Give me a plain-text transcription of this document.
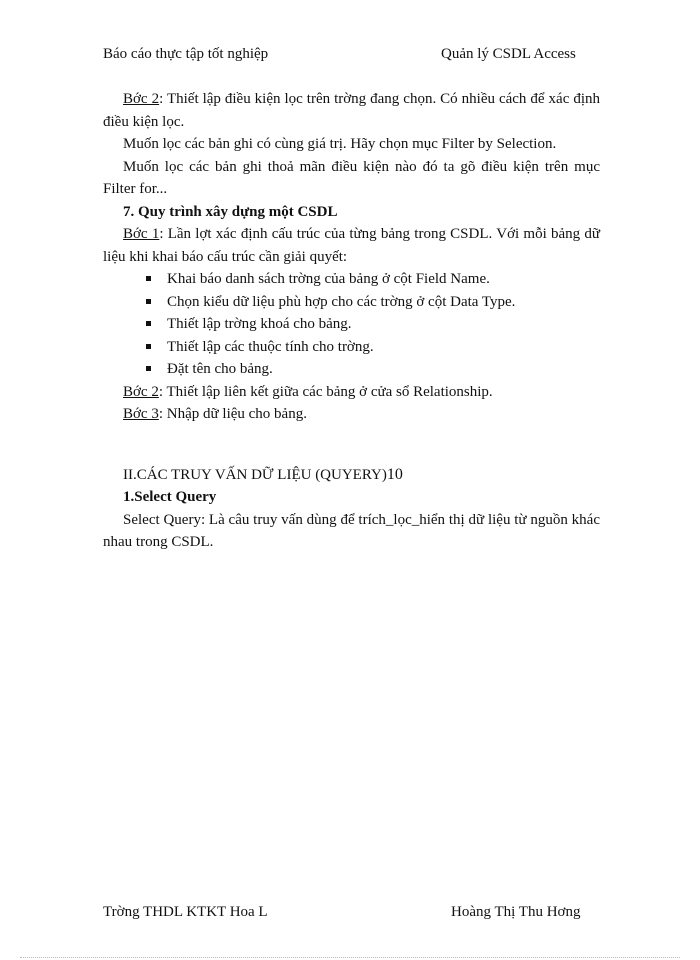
Báo cáo thực tập tốt nghiệp	Quản lý CSDL Access

Bớc 2: Thiết lập điều kiện lọc trên trờng đang chọn. Có nhiều cách để xác định điều kiện lọc.

Muốn lọc các bản ghi có cùng giá trị. Hãy chọn mục Filter by Selection.

Muốn lọc các bản ghi thoả mãn điều kiện nào đó ta gõ điều kiện trên mục Filter for...

7. Quy trình xây dựng một CSDL

Bớc 1: Lần lợt xác định cấu trúc của từng bảng trong CSDL. Với mỗi bảng dữ liệu khi khai báo cấu trúc cần giải quyết:

Khai báo danh sách trờng của bảng ở cột Field Name.
Chọn kiểu dữ liệu phù hợp cho các trờng ở cột Data Type.
Thiết lập trờng khoá cho bảng.
Thiết lập các thuộc tính cho trờng.
Đặt tên cho bảng.

Bớc 2: Thiết lập liên kết giữa các bảng ở cửa sổ Relationship.

Bớc 3: Nhập dữ liệu cho bảng.

II.CÁC TRUY VẤN DỮ LIỆU (QUYERY)10

1.Select Query

Select Query: Là câu truy vấn dùng để trích_lọc_hiển thị dữ liệu từ nguồn khác nhau trong CSDL.

Trờng THDL KTKT Hoa L	Hoàng Thị Thu Hơng
